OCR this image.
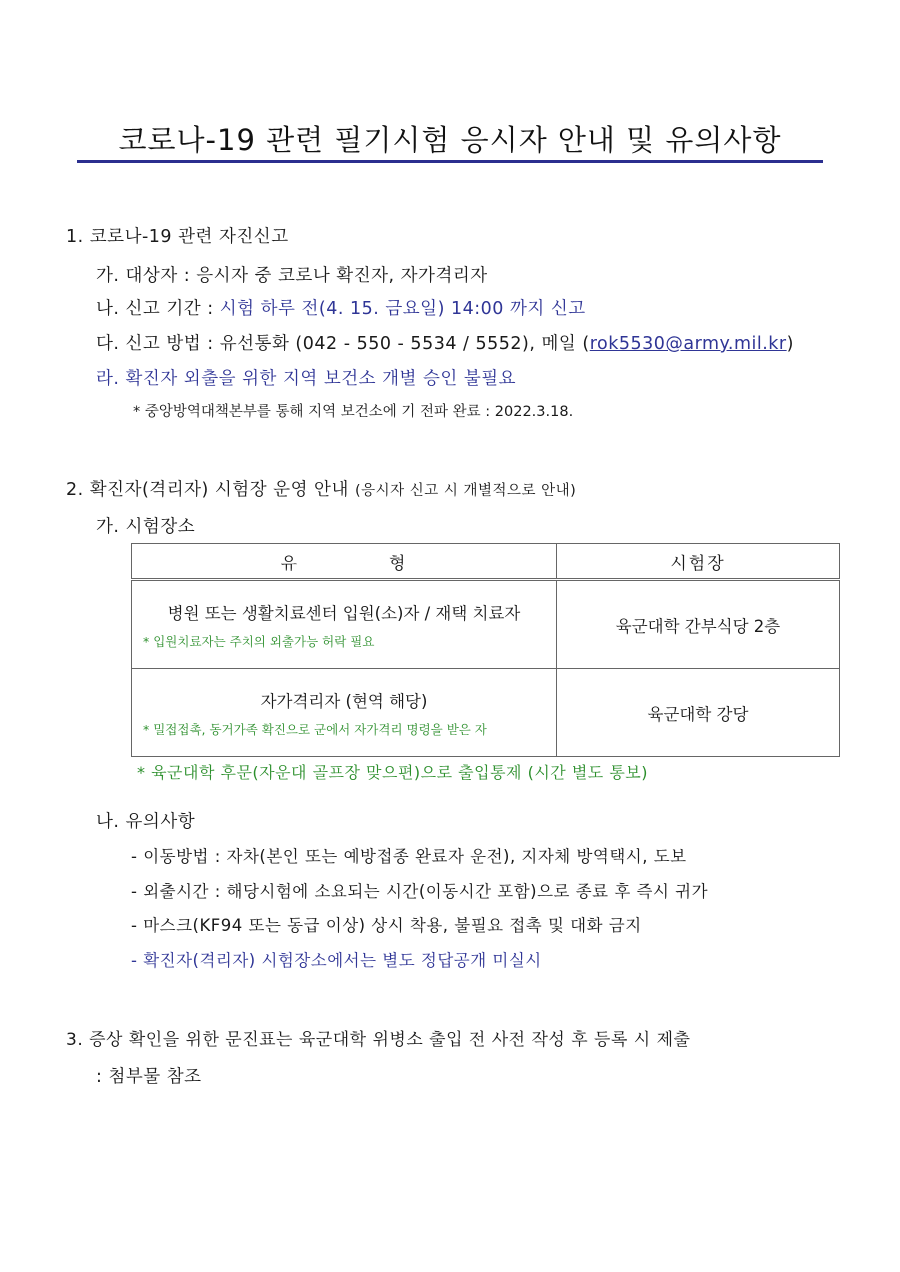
코로나-19 관련 필기시험 응시자 안내 및 유의사항
1. 코로나-19 관련 자진신고
가. 대상자 : 응시자 중 코로나 확진자, 자가격리자
나. 신고 기간 : 시험 하루 전(4. 15. 금요일) 14:00 까지 신고
다. 신고 방법 : 유선통화 (042 - 550 - 5534 / 5552), 메일 (rok5530@army.mil.kr)
라. 확진자 외출을 위한 지역 보건소 개별 승인 불필요
* 중앙방역대책본부를 통해 지역 보건소에 기 전파 완료 : 2022.3.18.
2. 확진자(격리자) 시험장 운영 안내 (응시자 신고 시 개별적으로 안내)
가. 시험장소
유 형	시험장

병원 또는 생활치료센터 입원(소)자 / 재택 치료자
* 입원치료자는 주치의 외출가능 허락 필요	육군대학 간부식당 2층

자가격리자 (현역 해당)
* 밀접접촉, 동거가족 확진으로 군에서 자가격리 명령을 받은 자	육군대학 강당
* 육군대학 후문(자운대 골프장 맞으편)으로 출입통제 (시간 별도 통보)
나. 유의사항
- 이동방법 : 자차(본인 또는 예방접종 완료자 운전), 지자체 방역택시, 도보
- 외출시간 : 해당시험에 소요되는 시간(이동시간 포함)으로 종료 후 즉시 귀가
- 마스크(KF94 또는 동급 이상) 상시 착용, 불필요 접촉 및 대화 금지
- 확진자(격리자) 시험장소에서는 별도 정답공개 미실시
3. 증상 확인을 위한 문진표는 육군대학 위병소 출입 전 사전 작성 후 등록 시 제출
: 첨부물 참조
